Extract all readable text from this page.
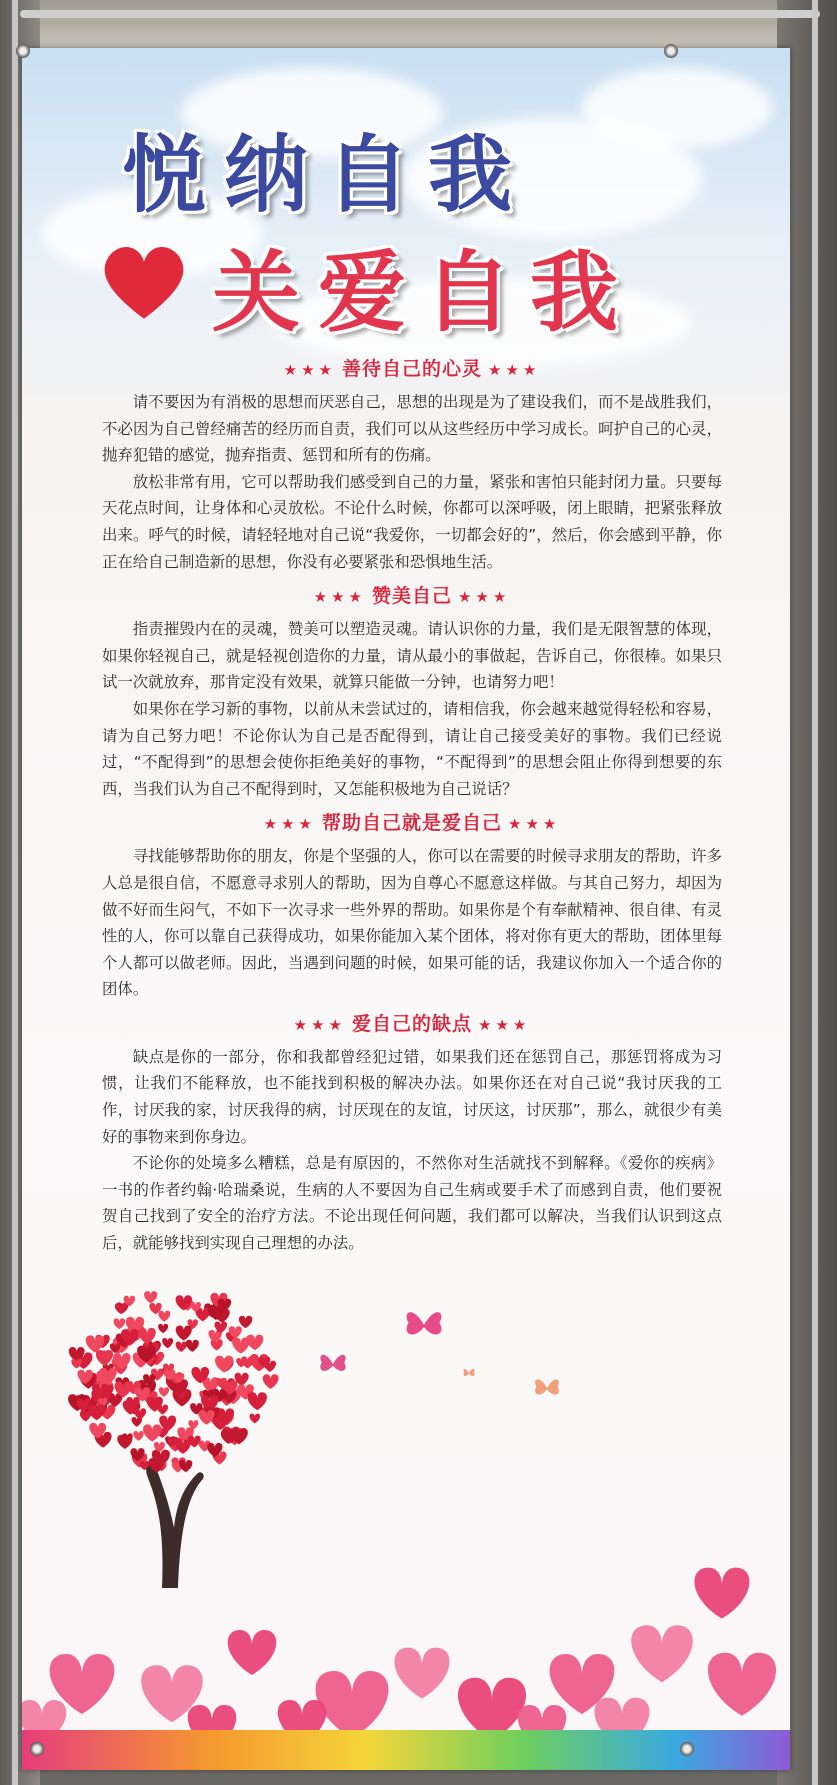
悦纳自我
关爱自我
★★★ 善待自己的心灵 ★★★

请不要因为有消极的思想而厌恶自己，思想的出现是为了建设我们，而不是战胜我们，不必因为自己曾经痛苦的经历而自责，我们可以从这些经历中学习成长。呵护自己的心灵，抛弃犯错的感觉，抛弃指责、惩罚和所有的伤痛。

放松非常有用，它可以帮助我们感受到自己的力量，紧张和害怕只能封闭力量。只要每天花点时间，让身体和心灵放松。不论什么时候，你都可以深呼吸，闭上眼睛，把紧张释放出来。呼气的时候，请轻轻地对自己说“我爱你，一切都会好的”，然后，你会感到平静，你正在给自己制造新的思想，你没有必要紧张和恐惧地生活。

★★★ 赞美自己 ★★★

指责摧毁内在的灵魂，赞美可以塑造灵魂。请认识你的力量，我们是无限智慧的体现，如果你轻视自己，就是轻视创造你的力量，请从最小的事做起，告诉自己，你很棒。如果只试一次就放弃，那肯定没有效果，就算只能做一分钟，也请努力吧！

如果你在学习新的事物，以前从未尝试过的，请相信我，你会越来越觉得轻松和容易，请为自己努力吧！不论你认为自己是否配得到，请让自己接受美好的事物。我们已经说过，“不配得到”的思想会使你拒绝美好的事物，“不配得到”的思想会阻止你得到想要的东西，当我们认为自己不配得到时，又怎能积极地为自己说话？

★★★ 帮助自己就是爱自己 ★★★

寻找能够帮助你的朋友，你是个坚强的人，你可以在需要的时候寻求朋友的帮助，许多人总是很自信，不愿意寻求别人的帮助，因为自尊心不愿意这样做。与其自己努力，却因为做不好而生闷气，不如下一次寻求一些外界的帮助。如果你是个有奉献精神、很自律、有灵性的人，你可以靠自己获得成功，如果你能加入某个团体，将对你有更大的帮助，团体里每个人都可以做老师。因此，当遇到问题的时候，如果可能的话，我建议你加入一个适合你的团体。

★★★ 爱自己的缺点 ★★★

缺点是你的一部分，你和我都曾经犯过错，如果我们还在惩罚自己，那惩罚将成为习惯，让我们不能释放，也不能找到积极的解决办法。如果你还在对自己说“我讨厌我的工作，讨厌我的家，讨厌我得的病，讨厌现在的友谊，讨厌这，讨厌那”，那么，就很少有美好的事物来到你身边。

不论你的处境多么糟糕，总是有原因的，不然你对生活就找不到解释。《爱你的疾病》一书的作者约翰·哈瑞桑说，生病的人不要因为自己生病或要手术了而感到自责，他们要祝贺自己找到了安全的治疗方法。不论出现任何问题，我们都可以解决，当我们认识到这点后，就能够找到实现自己理想的办法。
